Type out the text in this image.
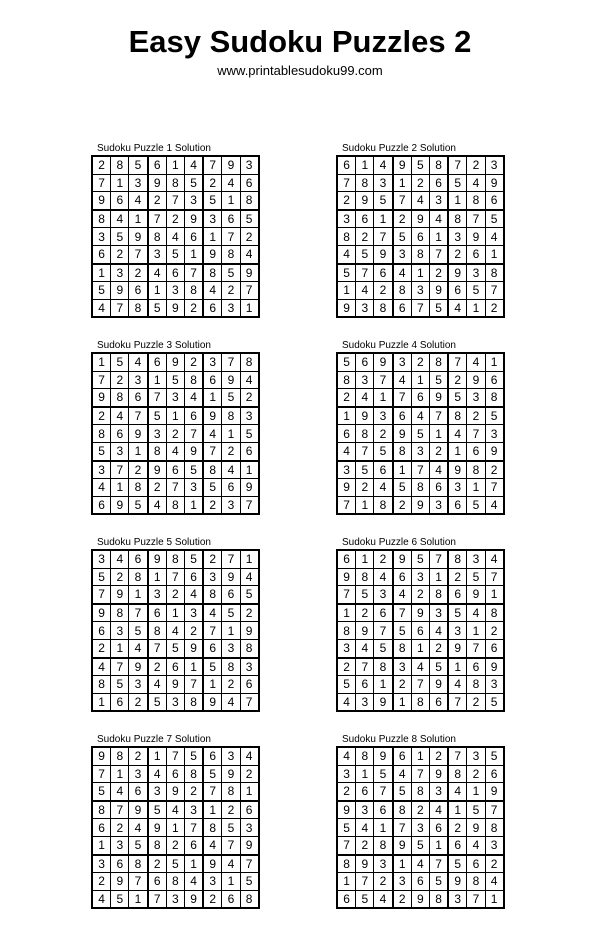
Easy Sudoku Puzzles 2
www.printablesudoku99.com
Sudoku Puzzle 1 Solution
2	8	5	6	1	4	7	9	3
7	1	3	9	8	5	2	4	6
9	6	4	2	7	3	5	1	8
8	4	1	7	2	9	3	6	5
3	5	9	8	4	6	1	7	2
6	2	7	3	5	1	9	8	4
1	3	2	4	6	7	8	5	9
5	9	6	1	3	8	4	2	7
4	7	8	5	9	2	6	3	1
Sudoku Puzzle 2 Solution
6	1	4	9	5	8	7	2	3
7	8	3	1	2	6	5	4	9
2	9	5	7	4	3	1	8	6
3	6	1	2	9	4	8	7	5
8	2	7	5	6	1	3	9	4
4	5	9	3	8	7	2	6	1
5	7	6	4	1	2	9	3	8
1	4	2	8	3	9	6	5	7
9	3	8	6	7	5	4	1	2
Sudoku Puzzle 3 Solution
1	5	4	6	9	2	3	7	8
7	2	3	1	5	8	6	9	4
9	8	6	7	3	4	1	5	2
2	4	7	5	1	6	9	8	3
8	6	9	3	2	7	4	1	5
5	3	1	8	4	9	7	2	6
3	7	2	9	6	5	8	4	1
4	1	8	2	7	3	5	6	9
6	9	5	4	8	1	2	3	7
Sudoku Puzzle 4 Solution
5	6	9	3	2	8	7	4	1
8	3	7	4	1	5	2	9	6
2	4	1	7	6	9	5	3	8
1	9	3	6	4	7	8	2	5
6	8	2	9	5	1	4	7	3
4	7	5	8	3	2	1	6	9
3	5	6	1	7	4	9	8	2
9	2	4	5	8	6	3	1	7
7	1	8	2	9	3	6	5	4
Sudoku Puzzle 5 Solution
3	4	6	9	8	5	2	7	1
5	2	8	1	7	6	3	9	4
7	9	1	3	2	4	8	6	5
9	8	7	6	1	3	4	5	2
6	3	5	8	4	2	7	1	9
2	1	4	7	5	9	6	3	8
4	7	9	2	6	1	5	8	3
8	5	3	4	9	7	1	2	6
1	6	2	5	3	8	9	4	7
Sudoku Puzzle 6 Solution
6	1	2	9	5	7	8	3	4
9	8	4	6	3	1	2	5	7
7	5	3	4	2	8	6	9	1
1	2	6	7	9	3	5	4	8
8	9	7	5	6	4	3	1	2
3	4	5	8	1	2	9	7	6
2	7	8	3	4	5	1	6	9
5	6	1	2	7	9	4	8	3
4	3	9	1	8	6	7	2	5
Sudoku Puzzle 7 Solution
9	8	2	1	7	5	6	3	4
7	1	3	4	6	8	5	9	2
5	4	6	3	9	2	7	8	1
8	7	9	5	4	3	1	2	6
6	2	4	9	1	7	8	5	3
1	3	5	8	2	6	4	7	9
3	6	8	2	5	1	9	4	7
2	9	7	6	8	4	3	1	5
4	5	1	7	3	9	2	6	8
Sudoku Puzzle 8 Solution
4	8	9	6	1	2	7	3	5
3	1	5	4	7	9	8	2	6
2	6	7	5	8	3	4	1	9
9	3	6	8	2	4	1	5	7
5	4	1	7	3	6	2	9	8
7	2	8	9	5	1	6	4	3
8	9	3	1	4	7	5	6	2
1	7	2	3	6	5	9	8	4
6	5	4	2	9	8	3	7	1
